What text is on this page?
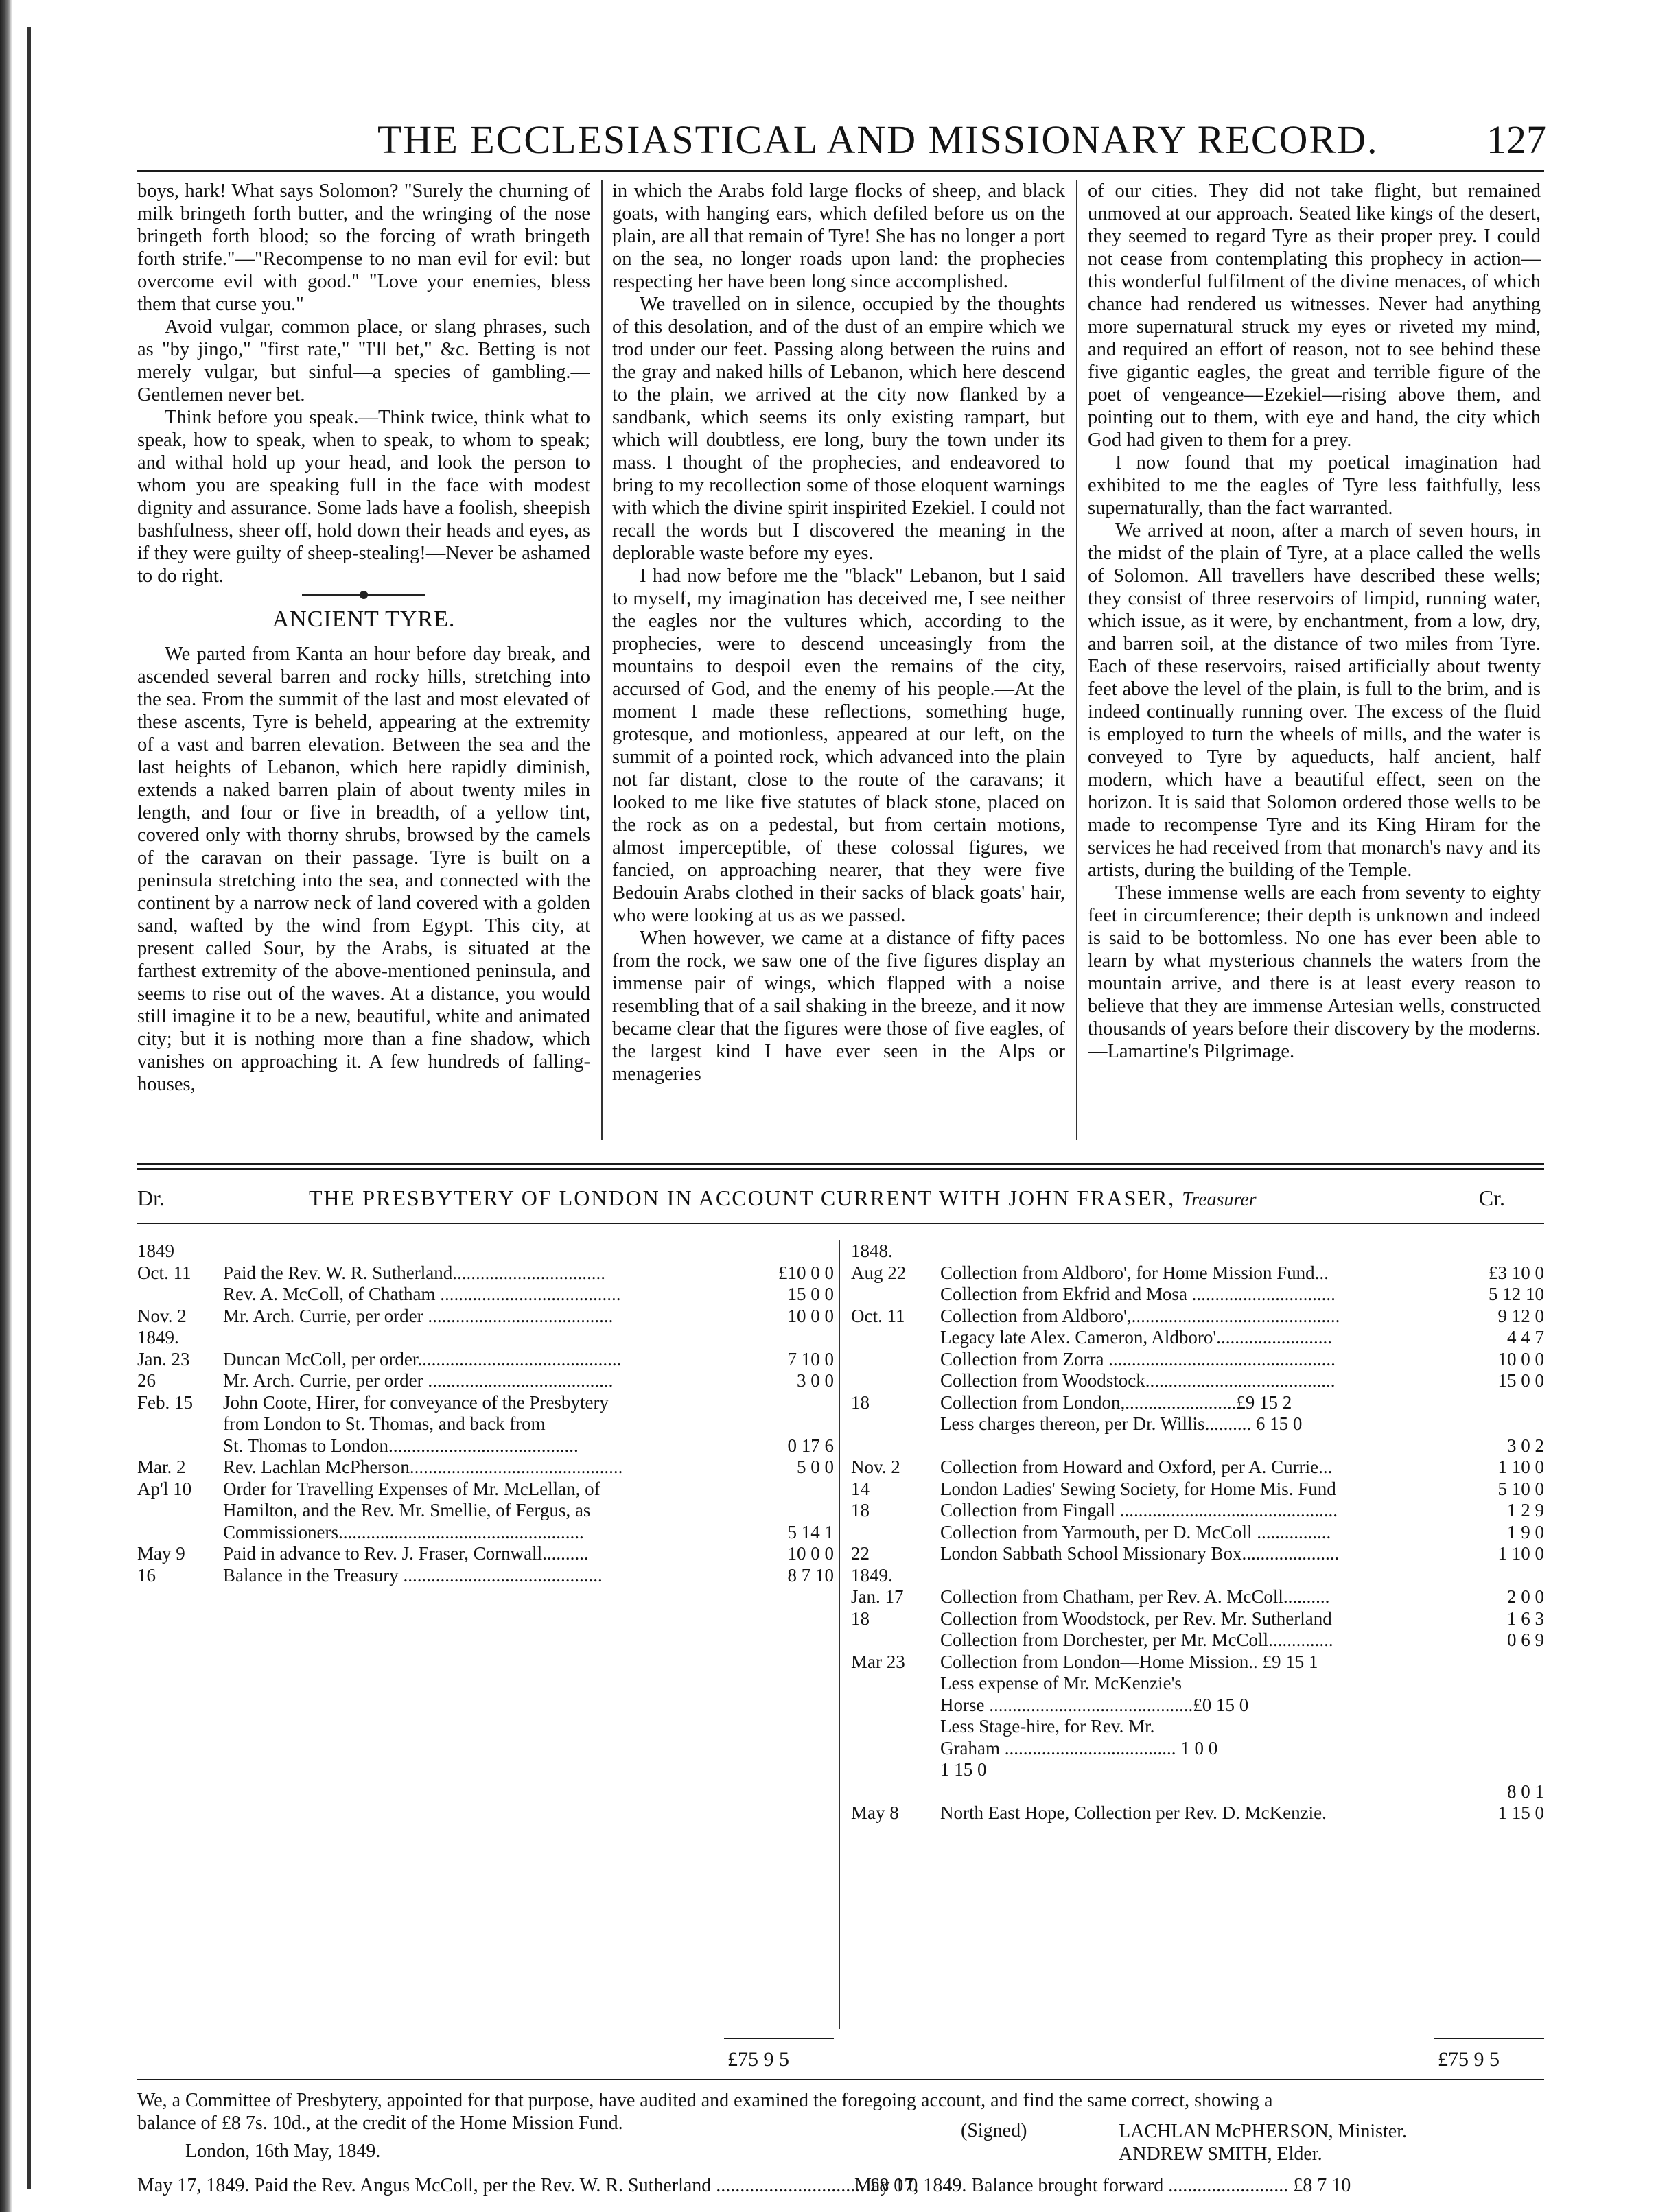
THE ECCLESIASTICAL AND MISSIONARY RECORD.	127

boys, hark! What says Solomon? "Surely the churning of milk bringeth forth butter, and the wringing of the nose bringeth forth blood; so the forcing of wrath bringeth forth strife."—"Recompense to no man evil for evil: but overcome evil with good." "Love your enemies, bless them that curse you."

Avoid vulgar, common place, or slang phrases, such as "by jingo," "first rate," "I'll bet," &c. Betting is not merely vulgar, but sinful—a species of gambling.—Gentlemen never bet.

Think before you speak.—Think twice, think what to speak, how to speak, when to speak, to whom to speak; and withal hold up your head, and look the person to whom you are speaking full in the face with modest dignity and assurance. Some lads have a foolish, sheepish bashfulness, sheer off, hold down their heads and eyes, as if they were guilty of sheep-stealing!—Never be ashamed to do right.

ANCIENT TYRE.

We parted from Kanta an hour before day break, and ascended several barren and rocky hills, stretching into the sea. From the summit of the last and most elevated of these ascents, Tyre is beheld, appearing at the extremity of a vast and barren elevation. Between the sea and the last heights of Lebanon, which here rapidly diminish, extends a naked barren plain of about twenty miles in length, and four or five in breadth, of a yellow tint, covered only with thorny shrubs, browsed by the camels of the caravan on their passage. Tyre is built on a peninsula stretching into the sea, and connected with the continent by a narrow neck of land covered with a golden sand, wafted by the wind from Egypt. This city, at present called Sour, by the Arabs, is situated at the farthest extremity of the above-mentioned peninsula, and seems to rise out of the waves. At a distance, you would still imagine it to be a new, beautiful, white and animated city; but it is nothing more than a fine shadow, which vanishes on approaching it. A few hundreds of falling-houses,

in which the Arabs fold large flocks of sheep, and black goats, with hanging ears, which defiled before us on the plain, are all that remain of Tyre! She has no longer a port on the sea, no longer roads upon land: the prophecies respecting her have been long since accomplished.

We travelled on in silence, occupied by the thoughts of this desolation, and of the dust of an empire which we trod under our feet. Passing along between the ruins and the gray and naked hills of Lebanon, which here descend to the plain, we arrived at the city now flanked by a sandbank, which seems its only existing rampart, but which will doubtless, ere long, bury the town under its mass. I thought of the prophecies, and endeavored to bring to my recollection some of those eloquent warnings with which the divine spirit inspirited Ezekiel. I could not recall the words but I discovered the meaning in the deplorable waste before my eyes.

I had now before me the "black" Lebanon, but I said to myself, my imagination has deceived me, I see neither the eagles nor the vultures which, according to the prophecies, were to descend unceasingly from the mountains to despoil even the remains of the city, accursed of God, and the enemy of his people.—At the moment I made these reflections, something huge, grotesque, and motionless, appeared at our left, on the summit of a pointed rock, which advanced into the plain not far distant, close to the route of the caravans; it looked to me like five statutes of black stone, placed on the rock as on a pedestal, but from certain motions, almost imperceptible, of these colossal figures, we fancied, on approaching nearer, that they were five Bedouin Arabs clothed in their sacks of black goats' hair, who were looking at us as we passed.

When however, we came at a distance of fifty paces from the rock, we saw one of the five figures display an immense pair of wings, which flapped with a noise resembling that of a sail shaking in the breeze, and it now became clear that the figures were those of five eagles, of the largest kind I have ever seen in the Alps or menageries

of our cities. They did not take flight, but remained unmoved at our approach. Seated like kings of the desert, they seemed to regard Tyre as their proper prey. I could not cease from contemplating this prophecy in action—this wonderful fulfilment of the divine menaces, of which chance had rendered us witnesses. Never had anything more supernatural struck my eyes or riveted my mind, and required an effort of reason, not to see behind these five gigantic eagles, the great and terrible figure of the poet of vengeance—Ezekiel—rising above them, and pointing out to them, with eye and hand, the city which God had given to them for a prey.

I now found that my poetical imagination had exhibited to me the eagles of Tyre less faithfully, less supernaturally, than the fact warranted.

We arrived at noon, after a march of seven hours, in the midst of the plain of Tyre, at a place called the wells of Solomon. All travellers have described these wells; they consist of three reservoirs of limpid, running water, which issue, as it were, by enchantment, from a low, dry, and barren soil, at the distance of two miles from Tyre. Each of these reservoirs, raised artificially about twenty feet above the level of the plain, is full to the brim, and is indeed continually running over. The excess of the fluid is employed to turn the wheels of mills, and the water is conveyed to Tyre by aqueducts, half ancient, half modern, which have a beautiful effect, seen on the horizon. It is said that Solomon ordered those wells to be made to recompense Tyre and its King Hiram for the services he had received from that monarch's navy and its artists, during the building of the Temple.

These immense wells are each from seventy to eighty feet in circumference; their depth is unknown and indeed is said to be bottomless. No one has ever been able to learn by what mysterious channels the waters from the mountain arrive, and there is at least every reason to believe that they are immense Artesian wells, constructed thousands of years before their discovery by the moderns.—Lamartine's Pilgrimage.

Dr.	THE PRESBYTERY OF LONDON IN ACCOUNT CURRENT WITH JOHN FRASER, Treasurer	Cr.
1849
Oct. 11	Paid the Rev. W. R. Sutherland.................................	£10 0 0
Rev. A. McColl, of Chatham .......................................	15 0 0
Nov. 2	Mr. Arch. Currie, per order ........................................	10 0 0
1849.
Jan. 23	Duncan McColl, per order............................................	7 10 0
26	Mr. Arch. Currie, per order ........................................	3 0 0
Feb. 15	John Coote, Hirer, for conveyance of the Presbytery
from London to St. Thomas, and back from
St. Thomas to London.........................................	0 17 6
Mar. 2	Rev. Lachlan McPherson..............................................	5 0 0
Ap'l 10	Order for Travelling Expenses of Mr. McLellan, of
Hamilton, and the Rev. Mr. Smellie, of Fergus, as
Commissioners.....................................................	5 14 1
May 9	Paid in advance to Rev. J. Fraser, Cornwall..........	10 0 0
16	Balance in the Treasury ...........................................	8 7 10
1848.
Aug 22	Collection from Aldboro', for Home Mission Fund...	£3 10 0
Collection from Ekfrid and Mosa ...............................	5 12 10
Oct. 11	Collection from Aldboro',.............................................	9 12 0
Legacy late Alex. Cameron, Aldboro'.........................	4 4 7
Collection from Zorra .................................................	10 0 0
Collection from Woodstock.........................................	15 0 0
18	Collection from London,........................£9 15 2
Less charges thereon, per Dr. Willis.......... 6 15 0
3 0 2
Nov. 2	Collection from Howard and Oxford, per A. Currie...	1 10 0
14	London Ladies' Sewing Society, for Home Mis. Fund	5 10 0
18	Collection from Fingall ...............................................	1 2 9
Collection from Yarmouth, per D. McColl ................	1 9 0
22	London Sabbath School Missionary Box.....................	1 10 0
1849.
Jan. 17	Collection from Chatham, per Rev. A. McColl..........	2 0 0
18	Collection from Woodstock, per Rev. Mr. Sutherland	1 6 3
Collection from Dorchester, per Mr. McColl..............	0 6 9
Mar 23	Collection from London—Home Mission.. £9 15 1
Less expense of Mr. McKenzie's
Horse ............................................£0 15 0
Less Stage-hire, for Rev. Mr.
Graham ..................................... 1 0 0
1 15 0
8 0 1
May 8	North East Hope, Collection per Rev. D. McKenzie.	1 15 0
£75 9 5	£75 9 5
We, a Committee of Presbytery, appointed for that purpose, have audited and examined the foregoing account, and find the same correct, showing a
balance of £8 7s. 10d., at the credit of the Home Mission Fund.
London, 16th May, 1849.
(Signed)	LACHLAN McPHERSON, Minister.
ANDREW SMITH, Elder.
May 17, 1849. Paid the Rev. Angus McColl, per the Rev. W. R. Sutherland ............................... £8 0 0
May 17, 1849. Balance brought forward ......................... £8 7 10
